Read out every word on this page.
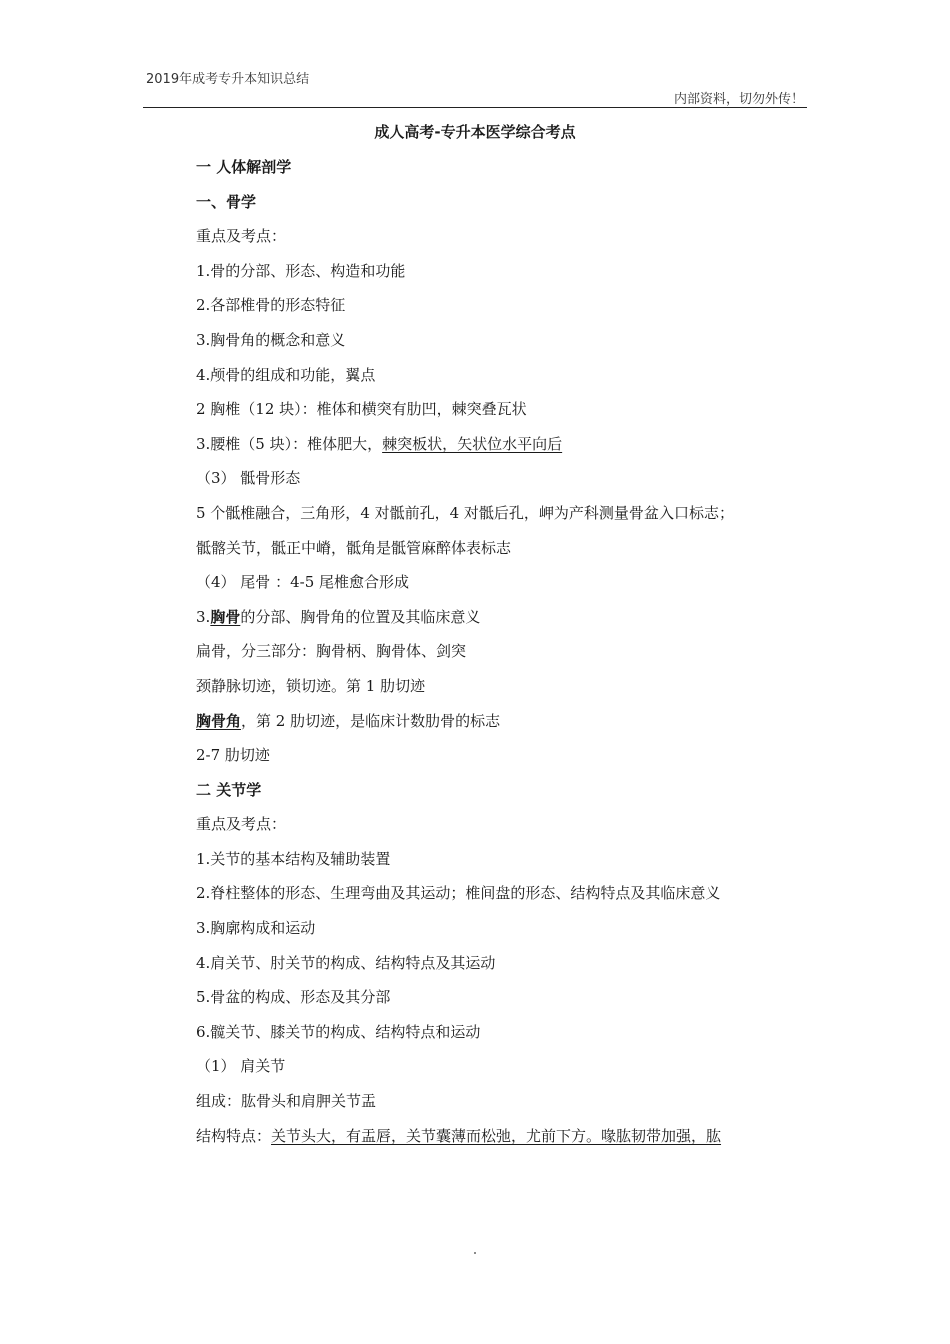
2019年成考专升本知识总结
内部资料，切勿外传！
成人高考-专升本医学综合考点
一 人体解剖学
一、骨学
重点及考点：
1.骨的分部、形态、构造和功能
2.各部椎骨的形态特征
3.胸骨角的概念和意义
4.颅骨的组成和功能，翼点
2 胸椎（12 块）：椎体和横突有肋凹，棘突叠瓦状
3.腰椎（5 块）：椎体肥大，棘突板状，矢状位水平向后
（3） 骶骨形态
5 个骶椎融合，三角形，4 对骶前孔，4 对骶后孔，岬为产科测量骨盆入口标志；
骶髂关节，骶正中嵴，骶角是骶管麻醉体表标志
（4） 尾骨 ：4-5 尾椎愈合形成
3.胸骨的分部、胸骨角的位置及其临床意义
扁骨，分三部分：胸骨柄、胸骨体、剑突
颈静脉切迹，锁切迹。第 1 肋切迹
胸骨角，第 2 肋切迹，是临床计数肋骨的标志
2-7 肋切迹
二 关节学
重点及考点：
1.关节的基本结构及辅助装置
2.脊柱整体的形态、生理弯曲及其运动；椎间盘的形态、结构特点及其临床意义
3.胸廓构成和运动
4.肩关节、肘关节的构成、结构特点及其运动
5.骨盆的构成、形态及其分部
6.髋关节、膝关节的构成、结构特点和运动
（1） 肩关节
组成：肱骨头和肩胛关节盂
结构特点：关节头大，有盂唇，关节囊薄而松弛，尤前下方。喙肱韧带加强，肱
